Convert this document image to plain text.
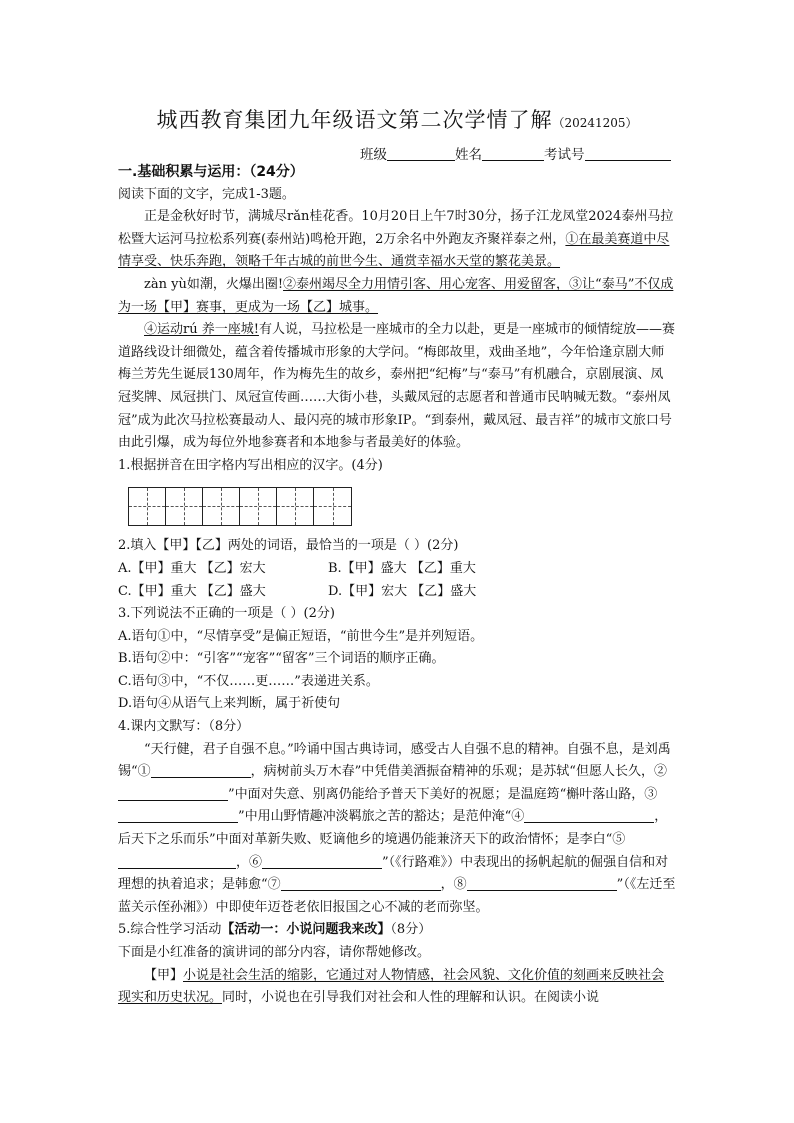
城西教育集团九年级语文第二次学情了解（20241205）
班级	姓名	考试号

一.基础积累与运用：（24分）

阅读下面的文字，完成1-3题。

正是金秋好时节，满城尽rǎn桂花香。10月20日上午7时30分，扬子江龙凤堂2024泰州马拉松暨大运河马拉松系列赛(泰州站)鸣枪开跑，2万余名中外跑友齐聚祥泰之州，①在最美赛道中尽情享受、快乐奔跑，领略千年古城的前世今生、通赏幸福水天堂的繁花美景。

zàn yù如潮，火爆出圈!②泰州竭尽全力用情引客、用心宠客、用爱留客，③让“泰马”不仅成为一场【甲】赛事，更成为一场【乙】城事。

④运动rú 养一座城!有人说，马拉松是一座城市的全力以赴，更是一座城市的倾情绽放——赛道路线设计细微处，蕴含着传播城市形象的大学问。“梅郎故里，戏曲圣地”，今年恰逢京剧大师梅兰芳先生诞辰130周年，作为梅先生的故乡，泰州把“纪梅”与“泰马”有机融合，京剧展演、凤冠奖牌、凤冠拱门、凤冠宣传画……大街小巷，头戴凤冠的志愿者和普通市民呐喊无数。“泰州凤冠”成为此次马拉松赛最动人、最闪亮的城市形象IP。“到泰州，戴凤冠、最吉祥”的城市文旅口号由此引爆，成为每位外地参赛者和本地参与者最美好的体验。

1.根据拼音在田字格内写出相应的汉字。(4分)

2.填入【甲】【乙】两处的词语，最恰当的一项是（ ）(2分)

A.【甲】重大 【乙】宏大	B.【甲】盛大 【乙】重大
C.【甲】重大 【乙】盛大	D.【甲】宏大 【乙】盛大

3.下列说法不正确的一项是（ ）(2分)

A.语句①中，“尽情享受”是偏正短语，“前世今生”是并列短语。

B.语句②中：“引客”“宠客”“留客”三个词语的顺序正确。

C.语句③中，“不仅……更……”表递进关系。

D.语句④从语气上来判断，属于祈使句

4.课内文默写：（8分）

“天行健，君子自强不息。”吟诵中国古典诗词，感受古人自强不息的精神。自强不息，是刘禹锡“①	，病树前头万木春”中凭借美酒振奋精神的乐观；是苏轼“但愿人长久，②”中面对失意、别离仍能给予普天下美好的祝愿；是温庭筠“槲叶落山路，③”中用山野情趣冲淡羁旅之苦的豁达；是范仲淹“④	，后天下之乐而乐”中面对革新失败、贬谪他乡的境遇仍能兼济天下的政治情怀；是李白“⑤，⑥	”（《行路难》）中表现出的扬帆起航的倔强自信和对理想的执着追求；是韩愈“⑦	，⑧	”（《左迁至蓝关示侄孙湘》）中即使年迈苍老依旧报国之心不减的老而弥坚。

5.综合性学习活动【活动一：小说问题我来改】（8分）

下面是小红准备的演讲词的部分内容，请你帮她修改。

【甲】小说是社会生活的缩影，它通过对人物情感，社会风貌、文化价值的刻画来反映社会现实和历史状况。同时，小说也在引导我们对社会和人性的理解和认识。在阅读小说
